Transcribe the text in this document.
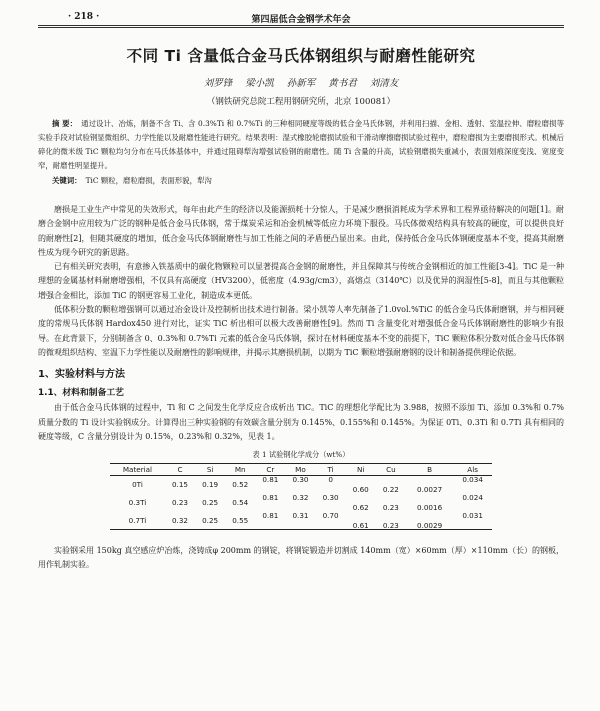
· 218 ·	第四届低合金钢学术年会
不同 Ti 含量低合金马氏体钢组织与耐磨性能研究
刘罗锋 梁小凯 孙新军 黄书君 刘清友
（钢铁研究总院工程用钢研究所，北京 100081）
摘 要： 通过设计、冶炼，制备不含 Ti、含 0.3%Ti 和 0.7%Ti 的三种相同硬度等级的低合金马氏体钢，并利用扫描、金相、透射、室温拉伸、磨粒磨损等实验手段对试验钢显微组织、力学性能以及耐磨性能进行研究。结果表明：湿式橡胶轮磨损试验和干滑动摩擦磨损试验过程中，磨粒磨损为主要磨损形式。机械后碎化的微米级 TiC 颗粒均匀分布在马氏体基体中，并通过阻碍犁沟增强试验钢的耐磨性。随 Ti 含量的升高，试验钢磨损失重减小，表面划痕深度变浅、宽度变窄，耐磨性明显提升。
关键词： TiC 颗粒，磨粒磨损，表面形貌，犁沟

磨损是工业生产中常见的失效形式，每年由此产生的经济以及能源损耗十分惊人，于是减少磨损消耗成为学术界和工程界亟待解决的问题[1]。耐磨合金钢中应用较为广泛的钢种是低合金马氏体钢，常于煤炭采运和冶金机械等低应力环境下服役。马氏体微观结构具有较高的硬度，可以提供良好的耐磨性[2]，但随其硬度的增加，低合金马氏体钢耐磨性与加工性能之间的矛盾便凸显出来。由此，保持低合金马氏体钢硬度基本不变，提高其耐磨性成为现今研究的新思路。

已有相关研究表明，有意掺入铁基质中的碳化物颗粒可以显著提高合金钢的耐磨性，并且保障其与传统合金钢相近的加工性能[3-4]。TiC 是一种理想的金属基材料耐磨增强相，不仅具有高硬度（HV3200），低密度（4.93g/cm3），高熔点（3140℃）以及优异的润湿性[5-8]，而且与其他颗粒增强合金相比，添加 TiC 的钢更容易工业化，制造成本更低。

低体积分数的颗粒增强钢可以通过冶金设计及控制析出技术进行制备。梁小凯等人率先制备了1.0vol.%TiC 的低合金马氏体耐磨钢，并与相同硬度的常规马氏体钢 Hardox450 进行对比，证实 TiC 析出相可以极大改善耐磨性[9]。然而 Ti 含量变化对增强低合金马氏体钢耐磨性的影响少有报导。在此背景下，分别制备含 0、0.3%和 0.7%Ti 元素的低合金马氏体钢，探讨在材料硬度基本不变的前提下，TiC 颗粒体积分数对低合金马氏体钢的微观组织结构、室温下力学性能以及耐磨性的影响规律，并揭示其磨损机制，以期为 TiC 颗粒增强耐磨钢的设计和制备提供理论依据。

1、实验材料与方法
1.1、材料和制备工艺

由于低合金马氏体钢的过程中，Ti 和 C 之间发生化学反应合成析出 TiC。TiC 的理想化学配比为 3.988，按照不添加 Ti、添加 0.3%和 0.7%质量分数的 Ti 设计实验钢成分。计算得出三种实验钢的有效碳含量分别为 0.145%、0.155%和 0.145%。为保证 0Ti、0.3Ti 和 0.7Ti 具有相同的硬度等级，C 含量分别设计为 0.15%，0.23%和 0.32%，见表 1。

表 1 试验钢化学成分（wt%）
Material	C	Si	Mn	Cr	Mo	Ti	Ni	Cu	B	Als
0Ti	0.15	0.19	0.52	0.81	0.30	0	0.60	0.22	0.0027	0.034
0.3Ti	0.23	0.25	0.54	0.81	0.32	0.30	0.62	0.23	0.0016	0.024
0.7Ti	0.32	0.25	0.55	0.81	0.31	0.70	0.61	0.23	0.0029	0.031

实验钢采用 150kg 真空感应炉冶炼，浇铸成φ 200mm 的钢锭，将钢锭锻造并切割成 140mm（宽）×60mm（厚）×110mm（长）的钢板，用作轧制实验。
